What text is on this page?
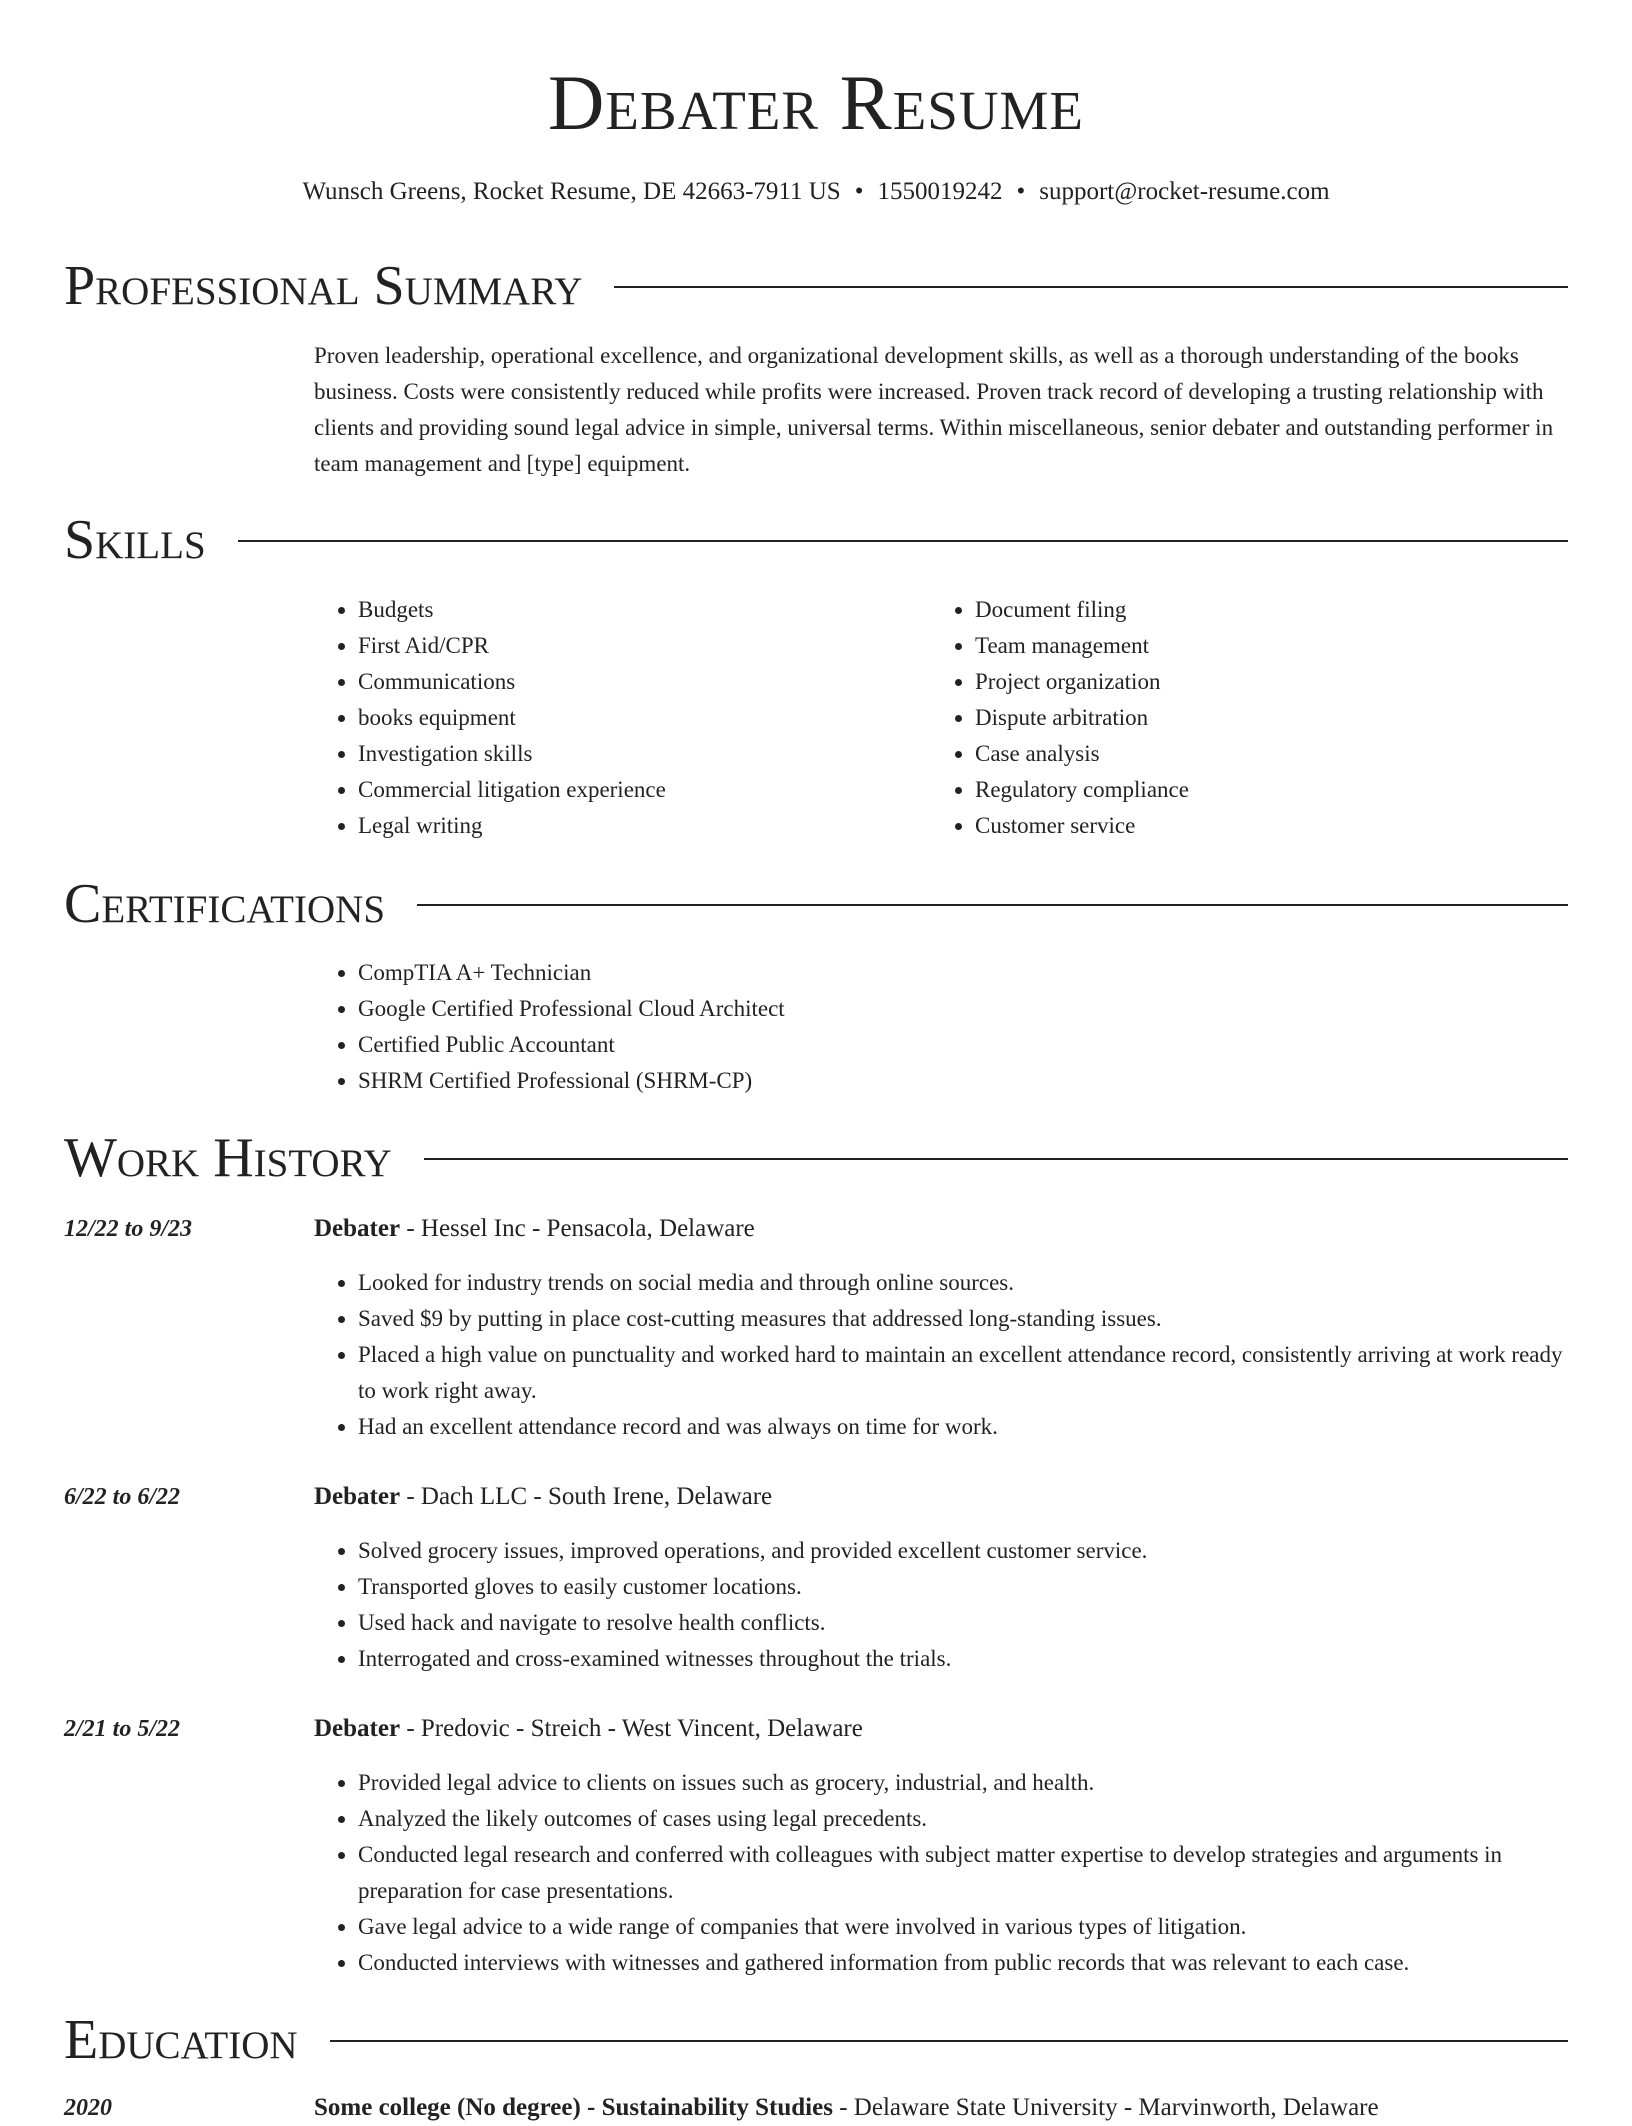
Debater Resume
Wunsch Greens, Rocket Resume, DE 42663-7911 US • 1550019242 • support@rocket-resume.com
Professional Summary

Proven leadership, operational excellence, and organizational development skills, as well as a thorough understanding of the books business. Costs were consistently reduced while profits were increased. Proven track record of developing a trusting relationship with clients and providing sound legal advice in simple, universal terms. Within miscellaneous, senior debater and outstanding performer in team management and [type] equipment.

Skills
• Budgets
• First Aid/CPR
• Communications
• books equipment
• Investigation skills
• Commercial litigation experience
• Legal writing
• Document filing
• Team management
• Project organization
• Dispute arbitration
• Case analysis
• Regulatory compliance
• Customer service
Certifications
• CompTIA A+ Technician
• Google Certified Professional Cloud Architect
• Certified Public Accountant
• SHRM Certified Professional (SHRM-CP)
Work History
12/22 to 9/23	Debater - Hessel Inc - Pensacola, Delaware
• Looked for industry trends on social media and through online sources.
• Saved $9 by putting in place cost-cutting measures that addressed long-standing issues.
• Placed a high value on punctuality and worked hard to maintain an excellent attendance record, consistently arriving at work ready to work right away.
• Had an excellent attendance record and was always on time for work.
6/22 to 6/22	Debater - Dach LLC - South Irene, Delaware
• Solved grocery issues, improved operations, and provided excellent customer service.
• Transported gloves to easily customer locations.
• Used hack and navigate to resolve health conflicts.
• Interrogated and cross-examined witnesses throughout the trials.
2/21 to 5/22	Debater - Predovic - Streich - West Vincent, Delaware
• Provided legal advice to clients on issues such as grocery, industrial, and health.
• Analyzed the likely outcomes of cases using legal precedents.
• Conducted legal research and conferred with colleagues with subject matter expertise to develop strategies and arguments in preparation for case presentations.
• Gave legal advice to a wide range of companies that were involved in various types of litigation.
• Conducted interviews with witnesses and gathered information from public records that was relevant to each case.
Education
2020	Some college (No degree) - Sustainability Studies - Delaware State University - Marvinworth, Delaware
